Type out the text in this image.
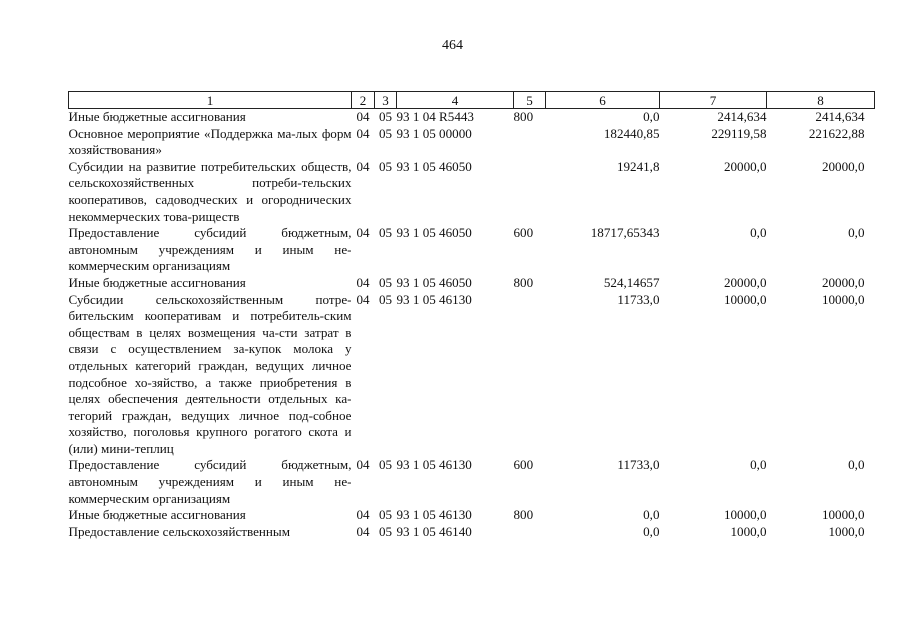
464
1	2	3	4	5	6	7	8
Иные бюджетные ассигнования	04	05	93 1 04 R5443	800	0,0	2414,634	2414,634
Основное мероприятие «Поддержка ма-лых форм хозяйствования»	04	05	93 1 05 00000		182440,85	229119,58	221622,88
Субсидии на развитие потребительских обществ, сельскохозяйственных потреби-тельских кооперативов, садоводческих и огороднических некоммерческих това-риществ	04	05	93 1 05 46050		19241,8	20000,0	20000,0
Предоставление субсидий бюджетным, автономным учреждениям и иным не-коммерческим организациям	04	05	93 1 05 46050	600	18717,65343	0,0	0,0
Иные бюджетные ассигнования	04	05	93 1 05 46050	800	524,14657	20000,0	20000,0
Субсидии сельскохозяйственным потре-бительским кооперативам и потребитель-ским обществам в целях возмещения ча-сти затрат в связи с осуществлением за-купок молока у отдельных категорий граждан, ведущих личное подсобное хо-зяйство, а также приобретения в целях обеспечения деятельности отдельных ка-тегорий граждан, ведущих личное под-собное хозяйство, поголовья крупного рогатого скота и (или) мини-теплиц	04	05	93 1 05 46130		11733,0	10000,0	10000,0
Предоставление субсидий бюджетным, автономным учреждениям и иным не-коммерческим организациям	04	05	93 1 05 46130	600	11733,0	0,0	0,0
Иные бюджетные ассигнования	04	05	93 1 05 46130	800	0,0	10000,0	10000,0
Предоставление сельскохозяйственным	04	05	93 1 05 46140		0,0	1000,0	1000,0
